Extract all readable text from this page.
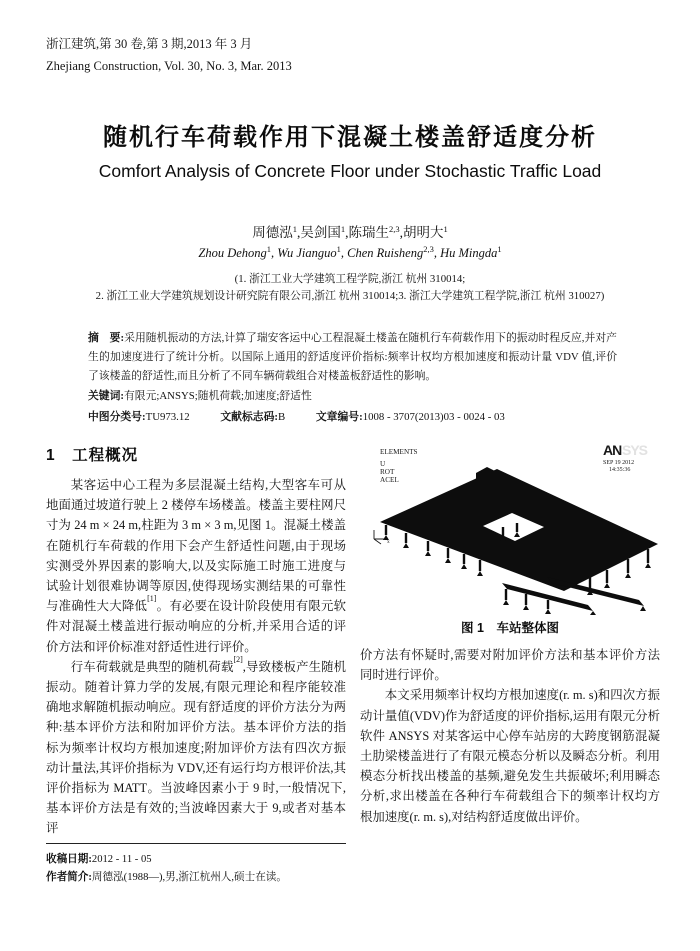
浙江建筑,第 30 卷,第 3 期,2013 年 3 月
Zhejiang Construction, Vol. 30, No. 3, Mar. 2013
随机行车荷载作用下混凝土楼盖舒适度分析
Comfort Analysis of Concrete Floor under Stochastic Traffic Load
周德泓$^1$,吴剑国$^1$,陈瑞生$^{2,3}$,胡明大$^1$
Zhou Dehong$^1$, Wu Jianguo$^1$, Chen Ruisheng$^{2,3}$, Hu Mingda$^1$
(1. 浙江工业大学建筑工程学院,浙江 杭州 310014;
2. 浙江工业大学建筑规划设计研究院有限公司,浙江 杭州 310014;3. 浙江大学建筑工程学院,浙江 杭州 310027)
摘　要:采用随机振动的方法,计算了瑞安客运中心工程混凝土楼盖在随机行车荷载作用下的振动时程反应,并对产生的加速度进行了统计分析。以国际上通用的舒适度评价指标:频率计权均方根加速度和振动计量 VDV 值,评价了该楼盖的舒适性,而且分析了不同车辆荷载组合对楼盖板舒适性的影响。
关键词:有限元;ANSYS;随机荷载;加速度;舒适性
中图分类号:TU973.12	文献标志码:B	文章编号:1008 - 3707(2013)03 - 0024 - 03
1　工程概况

某客运中心工程为多层混凝土结构,大型客车可从地面通过坡道行驶上 2 楼停车场楼盖。楼盖主要柱网尺寸为 24 m × 24 m,柱距为 3 m × 3 m,见图 1。混凝土楼盖在随机行车荷载的作用下会产生舒适性问题,由于现场实测受外界因素的影响大,以及实际施工时施工进度与试验计划很难协调等原因,使得现场实测结果的可靠性与准确性大大降低[1]。有必要在设计阶段使用有限元软件对混凝土楼盖进行振动响应的分析,并采用合适的评价方法和评价标准对舒适性进行评价。

行车荷载就是典型的随机荷载[2],导致楼板产生随机振动。随着计算力学的发展,有限元理论和程序能较准确地求解随机振动响应。现有舒适度的评价方法分为两种:基本评价方法和附加评价方法。基本评价方法的指标为频率计权均方根加速度;附加评价方法有四次方振动计量法,其评价指标为 VDV,还有运行均方根评价法,其评价指标为 MATT。当波峰因素小于 9 时,一般情况下,基本评价方法是有效的;当波峰因素大于 9,或者对基本评

收稿日期:2012 - 11 - 05
作者简介:周德泓(1988—),男,浙江杭州人,硕士在读。
ELEMENTS
U
ROT
ACEL
AN SYS
SEP 19 2012
14:35:36
x
图 1　车站整体图

价方法有怀疑时,需要对附加评价方法和基本评价方法同时进行评价。

本文采用频率计权均方根加速度(r. m. s)和四次方振动计量值(VDV)作为舒适度的评价指标,运用有限元分析软件 ANSYS 对某客运中心停车站房的大跨度钢筋混凝土肋梁楼盖进行了有限元模态分析以及瞬态分析。利用模态分析找出楼盖的基频,避免发生共振破坏;利用瞬态分析,求出楼盖在各种行车荷载组合下的频率计权均方根加速度(r. m. s),对结构舒适度做出评价。
